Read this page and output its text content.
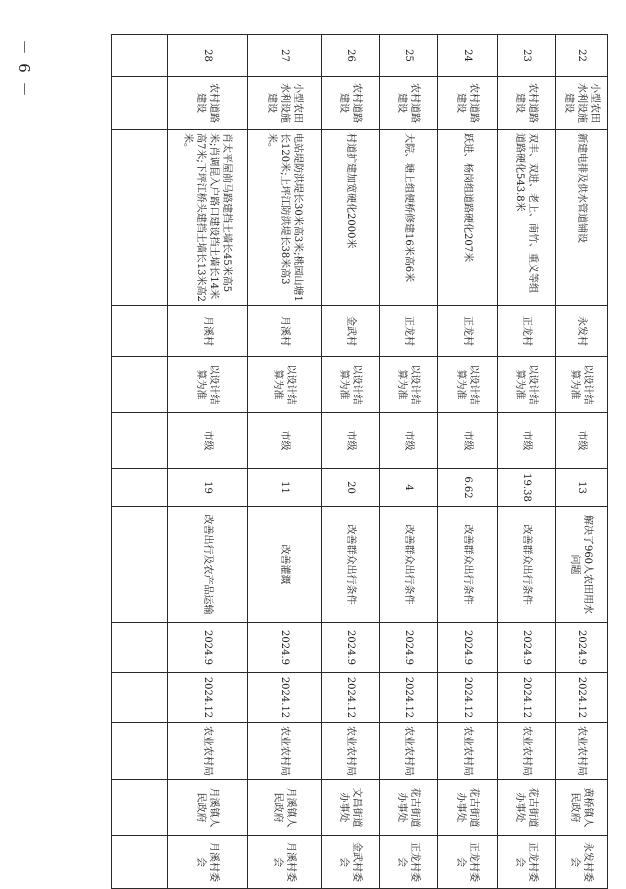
－ 9 －	22	小型农田水利设施建设	新建电排及供水管道铺设	永发村	以设计结算为准	市级	13	解决了960人农田用水问题	2024.9	2024.12	农业农村局	黄桥镇人民政府	永发村委会
23	农村道路建设	双丰、双进、老上、南竹、重义等组道路硬化543.8米	正龙村	以设计结算为准	市级	19.38	改善群众出行条件	2024.9	2024.12	农业农村局	花古街道办事处	正龙村委会
24	农村道路建设	跃进、杨岗组道路硬化207米	正龙村	以设计结算为准	市级	6.62	改善群众出行条件	2024.9	2024.12	农业农村局	花古街道办事处	正龙村委会
25	农村道路建设	大院、塘上组便桥修建16米高6米	正龙村	以设计结算为准	市级	4	改善群众出行条件	2024.9	2024.12	农业农村局	花古街道办事处	正龙村委会
26	农村道路建设	村道扩建加宽硬化2000米	金武村	以设计结算为准	市级	20	改善群众出行条件	2024.9	2024.12	农业农村局	文昌街道办事处	金武村委会
27	小型农田水利设施建设	电站堤防洪堤长30米高3米;桃园山塘1长120米;上坪江防洪堤长38米高3米。	月溪村	以设计结算为准	市级	11	改善灌溉	2024.9	2024.12	农业农村局	月溪镇人民政府	月溪村委会
28	农村道路建设	肖太平屋前马路建挡土墙长45米高5米;肖调昆入户路口建设挡土墙长14米高7米;下坪江桥头建挡土墙长13米高2米。	月溪村	以设计结算为准	市级	19	改善出行及农产品运输	2024.9	2024.12	农业农村局	月溪镇人民政府	月溪村委会
